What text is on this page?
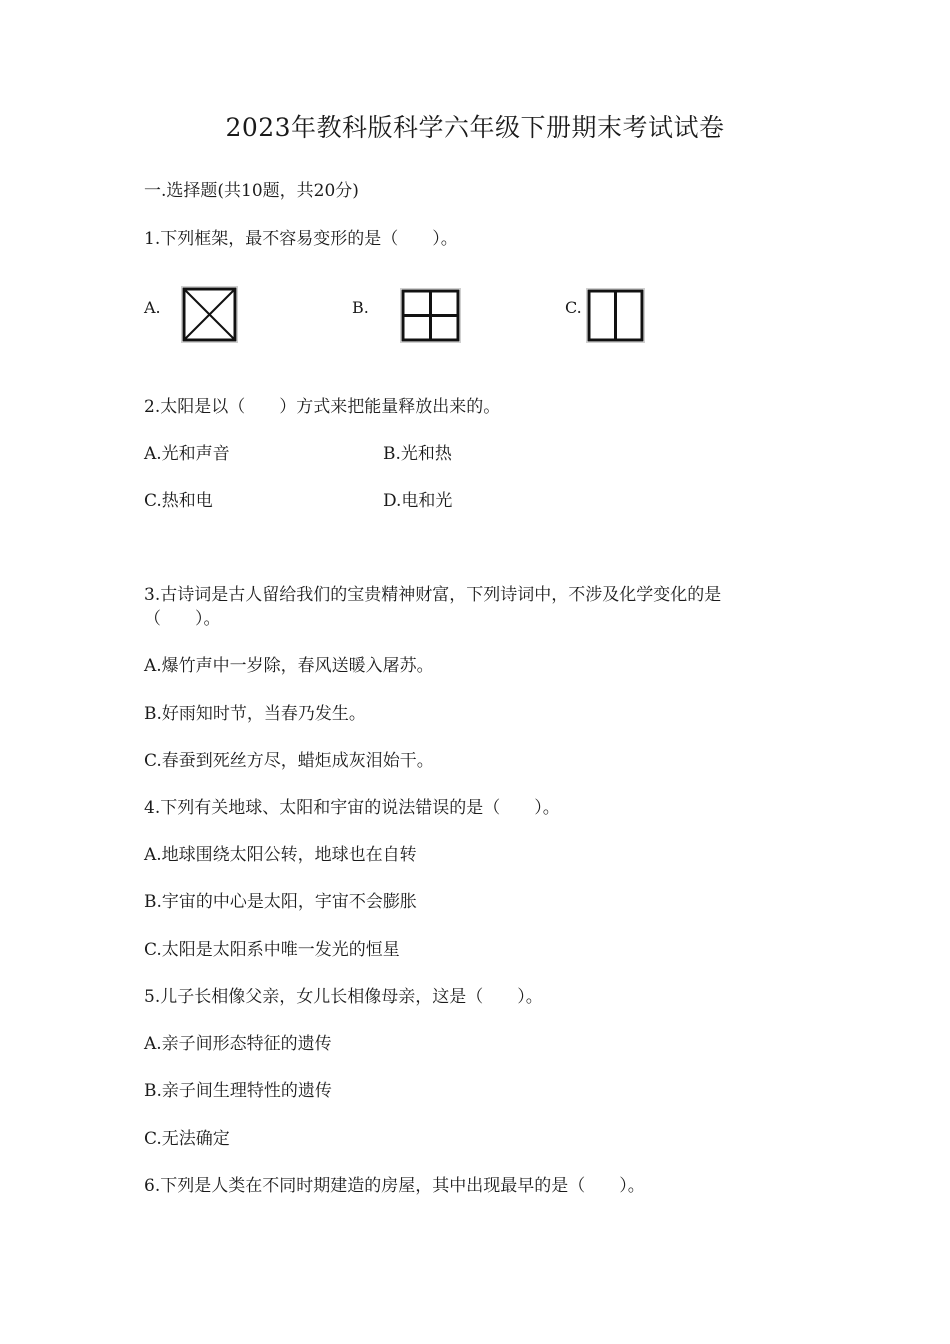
2023年教科版科学六年级下册期末考试试卷
一.选择题(共10题，共20分)
1.下列框架，最不容易变形的是（　　）。
A.	B.	C.
2.太阳是以（　　）方式来把能量释放出来的。
A.光和声音	B.光和热
C.热和电	D.电和光
3.古诗词是古人留给我们的宝贵精神财富，下列诗词中，不涉及化学变化的是
（　　）。
A.爆竹声中一岁除，春风送暖入屠苏。
B.好雨知时节，当春乃发生。
C.春蚕到死丝方尽，蜡炬成灰泪始干。
4.下列有关地球、太阳和宇宙的说法错误的是（　　）。
A.地球围绕太阳公转，地球也在自转
B.宇宙的中心是太阳，宇宙不会膨胀
C.太阳是太阳系中唯一发光的恒星
5.儿子长相像父亲，女儿长相像母亲，这是（　　）。
A.亲子间形态特征的遗传
B.亲子间生理特性的遗传
C.无法确定
6.下列是人类在不同时期建造的房屋，其中出现最早的是（　　）。
